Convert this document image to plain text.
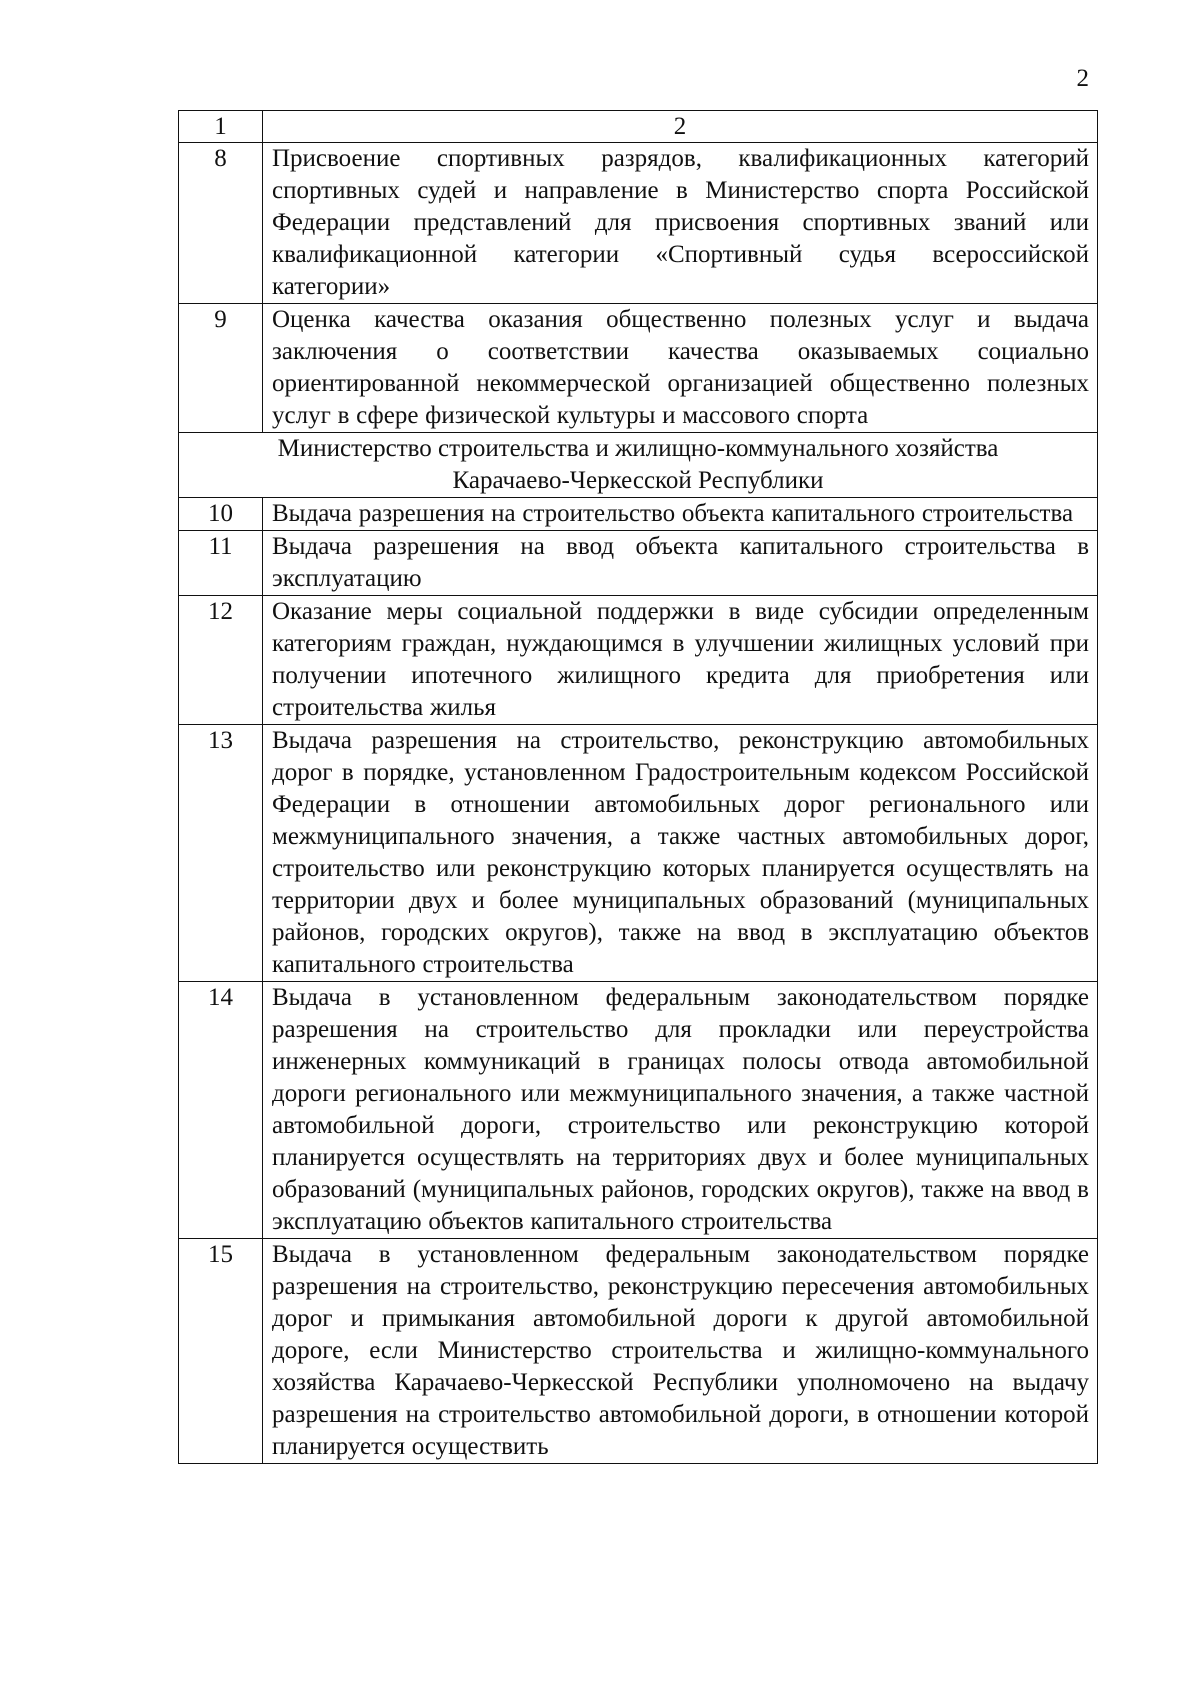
2
1	2
8	Присвоение спортивных разрядов, квалификационных категорий спортивных судей и направление в Министерство спорта Российской Федерации представлений для присвоения спортивных званий или квалификационной категории «Спортивный судья всероссийской категории»
9	Оценка качества оказания общественно полезных услуг и выдача заключения о соответствии качества оказываемых социально ориентированной некоммерческой организацией общественно полезных услуг в сфере физической культуры и массового спорта

Министерство строительства и жилищно-коммунального хозяйства
Карачаево-Черкесской Республики	

10	Выдача разрешения на строительство объекта капитального строительства
11	Выдача разрешения на ввод объекта капитального строительства в эксплуатацию
12	Оказание меры социальной поддержки в виде субсидии определенным категориям граждан, нуждающимся в улучшении жилищных условий при получении ипотечного жилищного кредита для приобретения или строительства жилья
13	Выдача разрешения на строительство, реконструкцию автомобильных дорог в порядке, установленном Градостроительным кодексом Российской Федерации в отношении автомобильных дорог регионального или межмуниципального значения, а также частных автомобильных дорог, строительство или реконструкцию которых планируется осуществлять на территории двух и более муниципальных образований (муниципальных районов, городских округов), также на ввод в эксплуатацию объектов капитального строительства
14	Выдача в установленном федеральным законодательством порядке разрешения на строительство для прокладки или переустройства инженерных коммуникаций в границах полосы отвода автомобильной дороги регионального или межмуниципального значения, а также частной автомобильной дороги, строительство или реконструкцию которой планируется осуществлять на территориях двух и более муниципальных образований (муниципальных районов, городских округов), также на ввод в эксплуатацию объектов капитального строительства
15	Выдача в установленном федеральным законодательством порядке разрешения на строительство, реконструкцию пересечения автомобильных дорог и примыкания автомобильной дороги к другой автомобильной дороге, если Министерство строительства и жилищно-коммунального хозяйства Карачаево-Черкесской Республики уполномочено на выдачу разрешения на строительство автомобильной дороги, в отношении которой планируется осуществить
